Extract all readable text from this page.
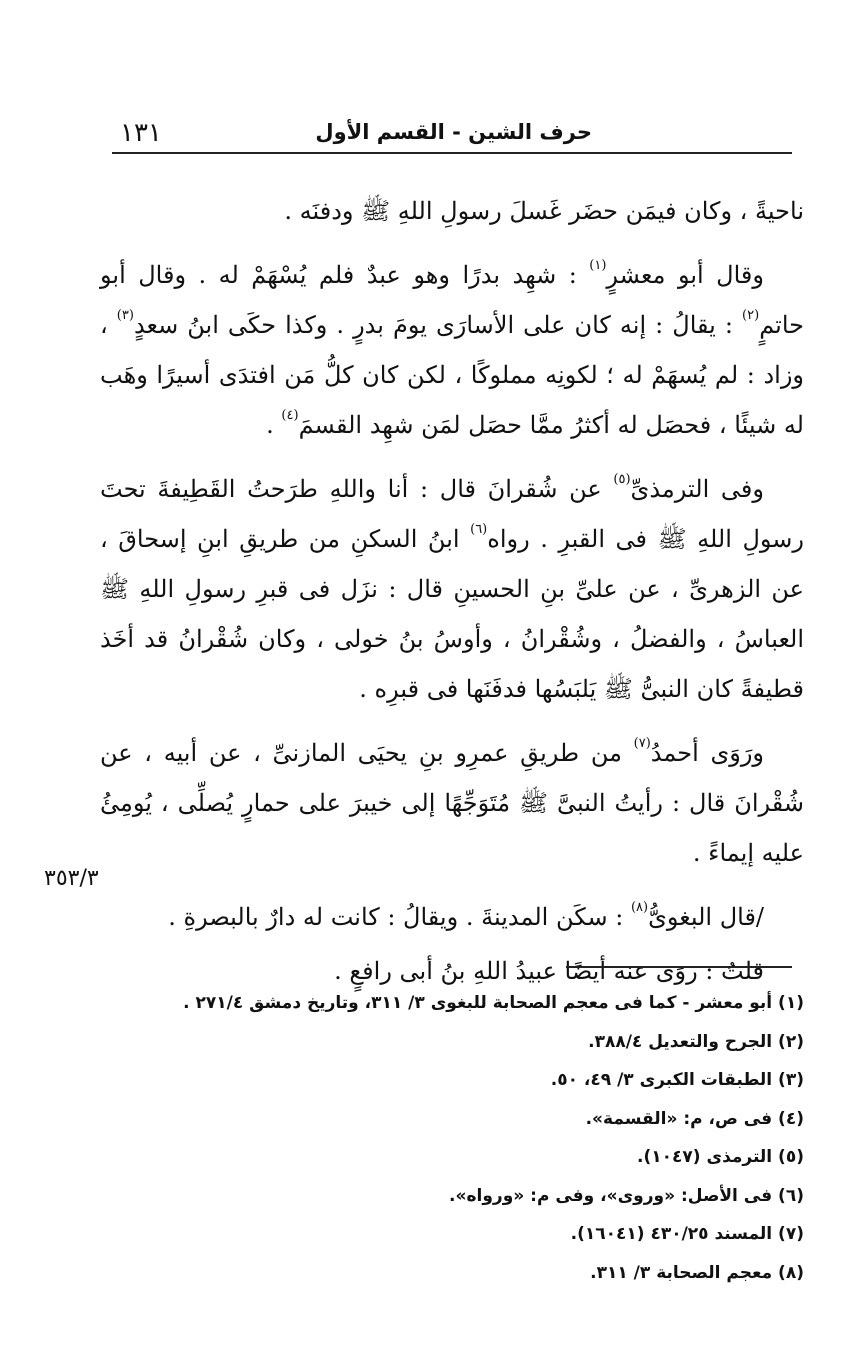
١٣١	حرف الشين - القسم الأول

ناحيةً ، وكان فيمَن حضَر غَسلَ رسولِ اللهِ ﷺ ودفنَه .

وقال أبو معشرٍ$^{(١)}$ : شهِد بدرًا وهو عبدٌ فلم يُسْهَمْ له . وقال أبو حاتمٍ$^{(٢)}$ : يقالُ : إنه كان على الأسارَى يومَ بدرٍ . وكذا حكَى ابنُ سعدٍ$^{(٣)}$ ، وزاد : لم يُسهَمْ له ؛ لكونِه مملوكًا ، لكن كان كلُّ مَن افتدَى أسيرًا وهَب له شيئًا ، فحصَل له أكثرُ ممَّا حصَل لمَن شهِد القسمَ$^{(٤)}$ .

وفى الترمذىِّ$^{(٥)}$ عن شُقرانَ قال : أنا واللهِ طرَحتُ القَطِيفةَ تحتَ رسولِ اللهِ ﷺ فى القبرِ . رواه$^{(٦)}$ ابنُ السكنِ من طريقِ ابنِ إسحاقَ ، عن الزهرىِّ ، عن علىِّ بنِ الحسينِ قال : نزَل فى قبرِ رسولِ اللهِ ﷺ العباسُ ، والفضلُ ، وشُقْرانُ ، وأوسُ بنُ خولى ، وكان شُقْرانُ قد أخَذ قطيفةً كان النبىُّ ﷺ يَلبَسُها فدفَنَها فى قبرِه .

ورَوَى أحمدُ$^{(٧)}$ من طريقِ عمرِو بنِ يحيَى المازنىِّ ، عن أبيه ، عن شُقْرانَ قال : رأيتُ النبىَّ ﷺ مُتَوَجِّهًا إلى خيبرَ على حمارٍ يُصلِّى ، يُومِئُ عليه إيماءً .

/قال البغوىُّ$^{(٨)}$ : سكَن المدينةَ . ويقالُ : كانت له دارٌ بالبصرةِ .

قلتُ : روَى عنه أيضًا عبيدُ اللهِ بنُ أبى رافعٍ .

٣٥٣/٣
(١) أبو معشر - كما فى معجم الصحابة للبغوى ٣/ ٣١١، وتاريخ دمشق ٢٧١/٤ .
(٢) الجرح والتعديل ٣٨٨/٤.
(٣) الطبقات الكبرى ٣/ ٤٩، ٥٠.
(٤) فى ص، م: «القسمة».
(٥) الترمذى (١٠٤٧).
(٦) فى الأصل: «وروى»، وفى م: «ورواه».
(٧) المسند ٤٣٠/٢٥ (١٦٠٤١).
(٨) معجم الصحابة ٣/ ٣١١.
